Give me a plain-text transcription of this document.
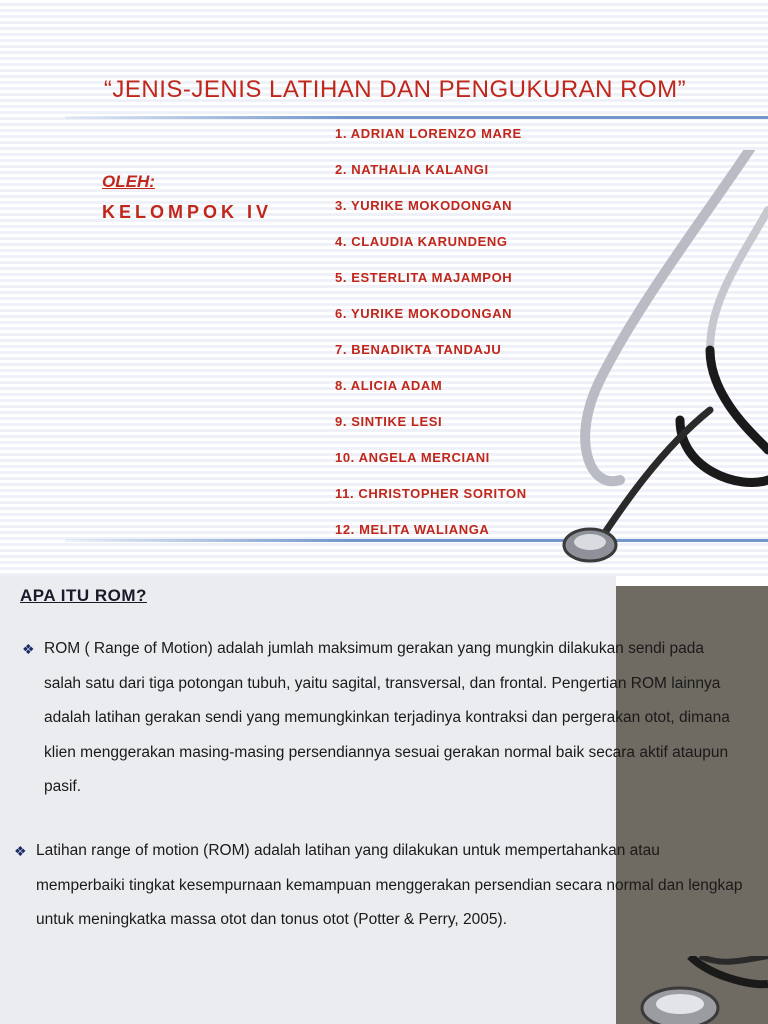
“JENIS-JENIS LATIHAN DAN PENGUKURAN ROM”
OLEH:
KELOMPOK IV
1. ADRIAN LORENZO MARE
2. NATHALIA KALANGI
3. YURIKE MOKODONGAN
4. CLAUDIA KARUNDENG
5. ESTERLITA MAJAMPOH
6. YURIKE MOKODONGAN
7. BENADIKTA TANDAJU
8. ALICIA ADAM
9. SINTIKE LESI
10. ANGELA MERCIANI
11. CHRISTOPHER SORITON
12. MELITA WALIANGA
APA ITU ROM?
❖ ROM ( Range of Motion) adalah jumlah maksimum gerakan yang mungkin dilakukan sendi pada salah satu dari tiga potongan tubuh, yaitu sagital, transversal, dan frontal. Pengertian ROM lainnya adalah latihan gerakan sendi yang memungkinkan terjadinya kontraksi dan pergerakan otot, dimana klien menggerakan masing-masing persendiannya sesuai gerakan normal baik secara aktif ataupun pasif.
❖ Latihan range of motion (ROM) adalah latihan yang dilakukan untuk mempertahankan atau memperbaiki tingkat kesempurnaan kemampuan menggerakan persendian secara normal dan lengkap untuk meningkatka massa otot dan tonus otot (Potter & Perry, 2005).
